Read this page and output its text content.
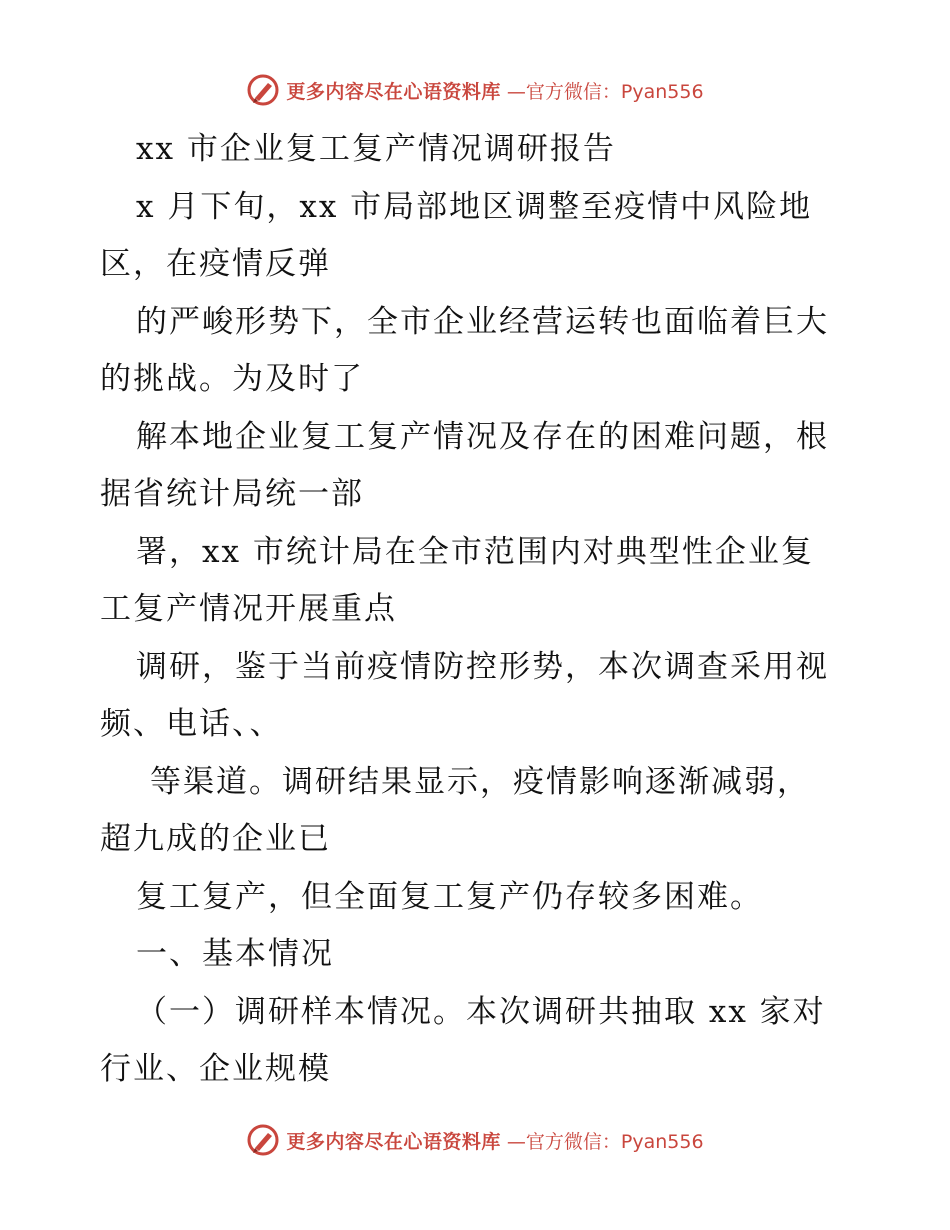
更多内容尽在心语资料库 —官方微信：Pyan556
xx 市企业复工复产情况调研报告
x 月下旬，xx 市局部地区调整至疫情中风险地
区，在疫情反弹
的严峻形势下，全市企业经营运转也面临着巨大
的挑战。为及时了
解本地企业复工复产情况及存在的困难问题，根
据省统计局统一部
署，xx 市统计局在全市范围内对典型性企业复
工复产情况开展重点
调研，鉴于当前疫情防控形势，本次调查采用视
频、电话、、
等渠道。调研结果显示，疫情影响逐渐减弱，
超九成的企业已
复工复产，但全面复工复产仍存较多困难。
一、基本情况
（一）调研样本情况。本次调研共抽取 xx 家对
行业、企业规模
更多内容尽在心语资料库 —官方微信：Pyan556
